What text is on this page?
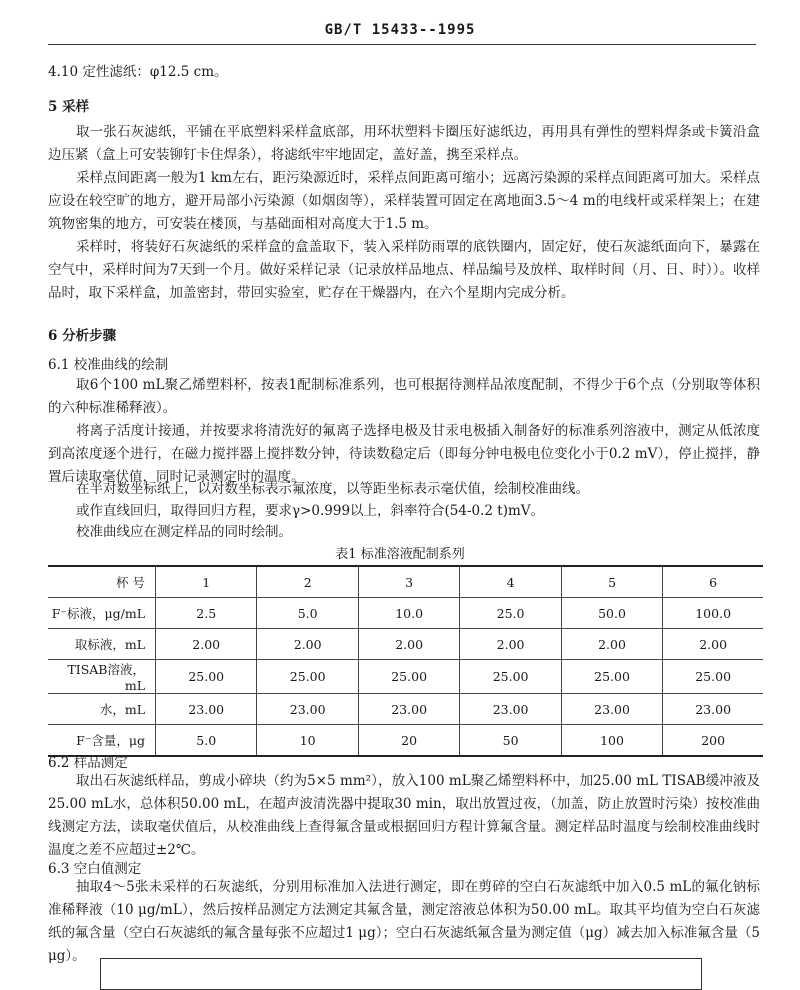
GB/T 15433--1995
4.10 定性滤纸：φ12.5 cm。
5 采样
取一张石灰滤纸，平铺在平底塑料采样盒底部，用环状塑料卡圈压好滤纸边，再用具有弹性的塑料焊条或卡簧沿盒边压紧（盒上可安装铆钉卡住焊条），将滤纸牢牢地固定，盖好盖，携至采样点。
采样点间距离一般为1 km左右，距污染源近时，采样点间距离可缩小；远离污染源的采样点间距离可加大。采样点应设在较空旷的地方，避开局部小污染源（如烟囱等），采样装置可固定在离地面3.5～4 m的电线杆或采样架上；在建筑物密集的地方，可安装在楼顶，与基础面相对高度大于1.5 m。
采样时，将装好石灰滤纸的采样盒的盒盖取下，装入采样防雨罩的底铁圈内，固定好，使石灰滤纸面向下，暴露在空气中，采样时间为7天到一个月。做好采样记录（记录放样品地点、样品编号及放样、取样时间（月、日、时））。收样品时，取下采样盒，加盖密封，带回实验室，贮存在干燥器内，在六个星期内完成分析。
6 分析步骤
6.1 校准曲线的绘制
取6个100 mL聚乙烯塑料杯，按表1配制标准系列，也可根据待测样品浓度配制，不得少于6个点（分别取等体积的六种标准稀释液）。
将离子活度计接通，并按要求将清洗好的氟离子选择电极及甘汞电极插入制备好的标准系列溶液中，测定从低浓度到高浓度逐个进行，在磁力搅拌器上搅拌数分钟，待读数稳定后（即每分钟电极电位变化小于0.2 mV），停止搅拌，静置后读取毫伏值，同时记录测定时的温度。
在半对数坐标纸上，以对数坐标表示氟浓度，以等距坐标表示毫伏值，绘制校准曲线。
或作直线回归，取得回归方程，要求γ>0.999以上，斜率符合(54-0.2 t)mV。
校准曲线应在测定样品的同时绘制。
表1 标准溶液配制系列
杯 号	1	2	3	4	5	6
F⁻标液，μg/mL	2.5	5.0	10.0	25.0	50.0	100.0
取标液，mL	2.00	2.00	2.00	2.00	2.00	2.00
TISAB溶液，mL	25.00	25.00	25.00	25.00	25.00	25.00
水，mL	23.00	23.00	23.00	23.00	23.00	23.00
F⁻含量，μg	5.0	10	20	50	100	200
6.2 样品测定
取出石灰滤纸样品，剪成小碎块（约为5×5 mm²），放入100 mL聚乙烯塑料杯中，加25.00 mL TISAB缓冲液及25.00 mL水，总体积50.00 mL，在超声波清洗器中提取30 min，取出放置过夜，（加盖，防止放置时污染）按校准曲线测定方法，读取毫伏值后，从校准曲线上查得氟含量或根据回归方程计算氟含量。测定样品时温度与绘制校准曲线时温度之差不应超过±2℃。
6.3 空白值测定
抽取4～5张未采样的石灰滤纸，分别用标准加入法进行测定，即在剪碎的空白石灰滤纸中加入0.5 mL的氟化钠标准稀释液（10 μg/mL），然后按样品测定方法测定其氟含量，测定溶液总体积为50.00 mL。取其平均值为空白石灰滤纸的氟含量（空白石灰滤纸的氟含量每张不应超过1 μg）；空白石灰滤纸氟含量为测定值（μg）减去加入标准氟含量（5 μg）。
